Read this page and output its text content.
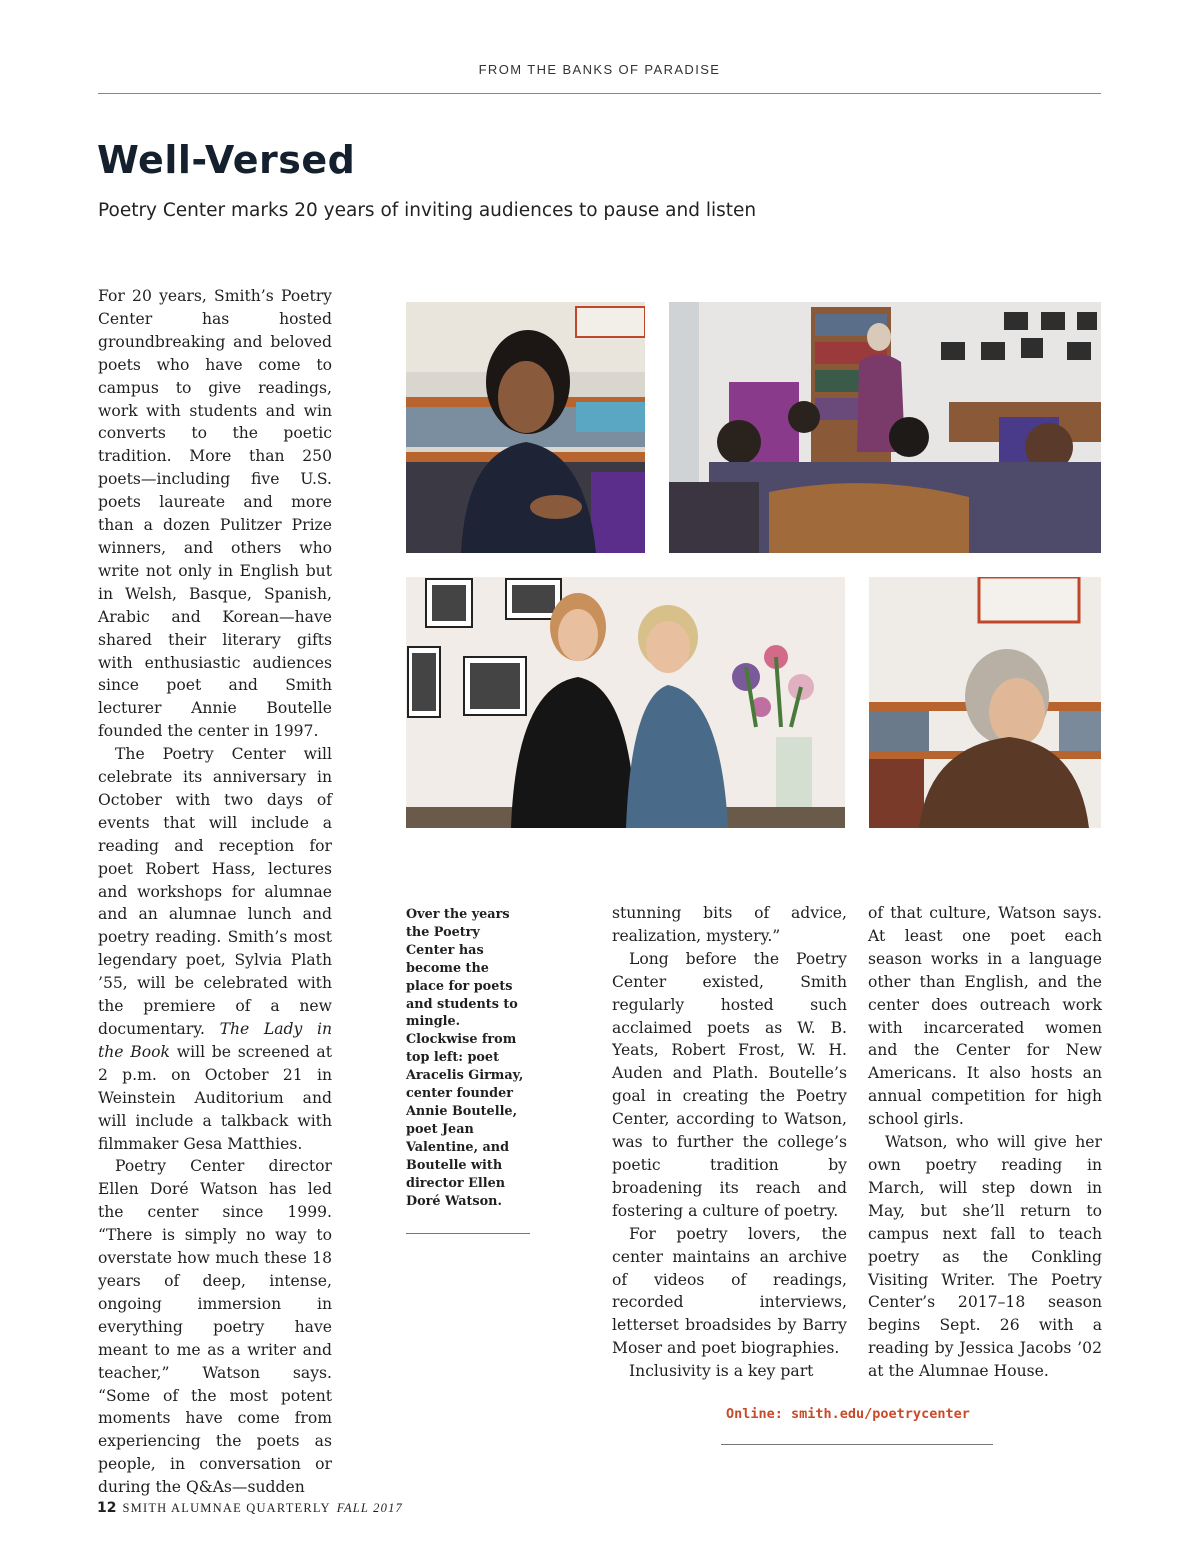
FROM THE BANKS OF PARADISE
Well-Versed

Poetry Center marks 20 years of inviting audiences to pause and listen

For 20 years, Smith’s Poetry Center has hosted groundbreaking and beloved poets who have come to campus to give readings, work with students and win converts to the poetic tradition. More than 250 poets—including five U.S. poets laureate and more than a dozen Pulitzer Prize winners, and others who write not only in English but in Welsh, Basque, Spanish, Arabic and Korean—have shared their literary gifts with enthusiastic audiences since poet and Smith lecturer Annie Boutelle founded the center in 1997.

The Poetry Center will celebrate its anniversary in October with two days of events that will include a reading and reception for poet Robert Hass, lectures and workshops for alumnae and an alumnae lunch and poetry reading. Smith’s most legendary poet, Sylvia Plath ’55, will be celebrated with the premiere of a new documentary. The Lady in the Book will be screened at 2 p.m. on October 21 in Weinstein Auditorium and will include a talkback with filmmaker Gesa Matthies.

Poetry Center director Ellen Doré Watson has led the center since 1999. “There is simply no way to overstate how much these 18 years of deep, intense, ongoing immersion in everything poetry have meant to me as a writer and teacher,” Watson says. “Some of the most potent moments have come from experiencing the poets as people, in conversation or during the Q&As—sudden

Over the years the Poetry Center has become the place for poets and students to mingle. Clockwise from top left: poet Aracelis Girmay, center founder Annie Boutelle, poet Jean Valentine, and Boutelle with director Ellen Doré Watson.

stunning bits of advice, realization, mystery.”

Long before the Poetry Center existed, Smith regularly hosted such acclaimed poets as W. B. Yeats, Robert Frost, W. H. Auden and Plath. Boutelle’s goal in creating the Poetry Center, according to Watson, was to further the college’s poetic tradition by broadening its reach and fostering a culture of poetry.

For poetry lovers, the center maintains an archive of videos of readings, recorded interviews, letterset broadsides by Barry Moser and poet biographies.

Inclusivity is a key part

of that culture, Watson says. At least one poet each season works in a language other than English, and the center does outreach work with incarcerated women and the Center for New Americans. It also hosts an annual competition for high school girls.

Watson, who will give her own poetry reading in March, will step down in May, but she’ll return to campus next fall to teach poetry as the Conkling Visiting Writer. The Poetry Center’s 2017–18 season begins Sept. 26 with a reading by Jessica Jacobs ’02 at the Alumnae House.

Online: smith.edu/poetrycenter
12 SMITH ALUMNAE QUARTERLY FALL 2017
